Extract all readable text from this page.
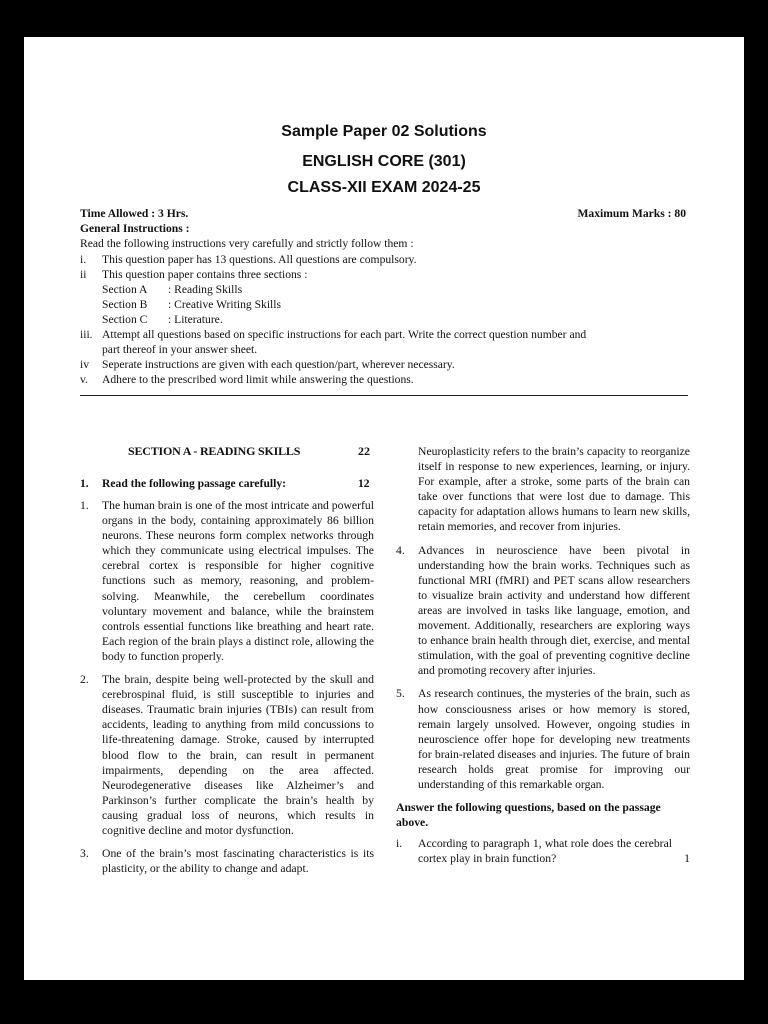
Sample Paper 02 Solutions
ENGLISH CORE (301)
CLASS-XII EXAM 2024-25
Time Allowed : 3 Hrs.	Maximum Marks : 80
General Instructions :
Read the following instructions very carefully and strictly follow them :
i. This question paper has 13 questions. All questions are compulsory.
ii This question paper contains three sections :
Section A : Reading Skills
Section B : Creative Writing Skills
Section C : Literature.
iii. Attempt all questions based on specific instructions for each part. Write the correct question number and
part thereof in your answer sheet.
iv Seperate instructions are given with each question/part, wherever necessary.
v. Adhere to the prescribed word limit while answering the questions.
SECTION A - READING SKILLS	22
1. Read the following passage carefully:	12

1. The human brain is one of the most intricate and powerful organs in the body, containing approximately 86 billion neurons. These neurons form complex networks through which they communicate using electrical impulses. The cerebral cortex is responsible for higher cognitive functions such as memory, reasoning, and problem-solving. Meanwhile, the cerebellum coordinates voluntary movement and balance, while the brainstem controls essential functions like breathing and heart rate. Each region of the brain plays a distinct role, allowing the body to function properly.

2. The brain, despite being well-protected by the skull and cerebrospinal fluid, is still susceptible to injuries and diseases. Traumatic brain injuries (TBIs) can result from accidents, leading to anything from mild concussions to life-threatening damage. Stroke, caused by interrupted blood flow to the brain, can result in permanent impairments, depending on the area affected. Neurodegenerative diseases like Alzheimer’s and Parkinson’s further complicate the brain’s health by causing gradual loss of neurons, which results in cognitive decline and motor dysfunction.

3. One of the brain’s most fascinating characteristics is its plasticity, or the ability to change and adapt.

Neuroplasticity refers to the brain’s capacity to reorganize itself in response to new experiences, learning, or injury. For example, after a stroke, some parts of the brain can take over functions that were lost due to damage. This capacity for adaptation allows humans to learn new skills, retain memories, and recover from injuries.

4. Advances in neuroscience have been pivotal in understanding how the brain works. Techniques such as functional MRI (fMRI) and PET scans allow researchers to visualize brain activity and understand how different areas are involved in tasks like language, emotion, and movement. Additionally, researchers are exploring ways to enhance brain health through diet, exercise, and mental stimulation, with the goal of preventing cognitive decline and promoting recovery after injuries.

5. As research continues, the mysteries of the brain, such as how consciousness arises or how memory is stored, remain largely unsolved. However, ongoing studies in neuroscience offer hope for developing new treatments for brain-related diseases and injuries. The future of brain research holds great promise for improving our understanding of this remarkable organ.

Answer the following questions, based on the passage above.

i. According to paragraph 1, what role does the cerebral cortex play in brain function?	1
